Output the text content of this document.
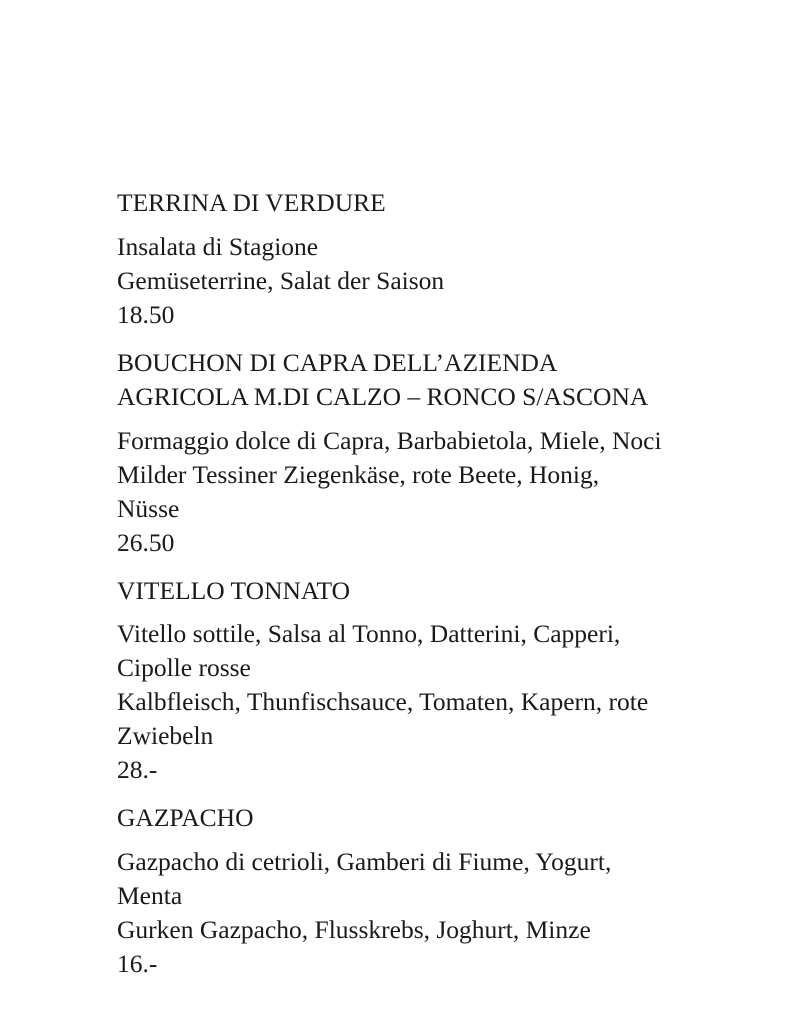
TERRINA DI VERDURE
Insalata di Stagione
Gemüseterrine, Salat der Saison
18.50
BOUCHON DI CAPRA DELL’AZIENDA
AGRICOLA M.DI CALZO – RONCO S/ASCONA
Formaggio dolce di Capra, Barbabietola, Miele, Noci
Milder Tessiner Ziegenkäse, rote Beete, Honig,
Nüsse
26.50
VITELLO TONNATO
Vitello sottile, Salsa al Tonno, Datterini, Capperi,
Cipolle rosse
Kalbfleisch, Thunfischsauce, Tomaten, Kapern, rote
Zwiebeln
28.-
GAZPACHO
Gazpacho di cetrioli, Gamberi di Fiume, Yogurt,
Menta
Gurken Gazpacho, Flusskrebs, Joghurt, Minze
16.-
